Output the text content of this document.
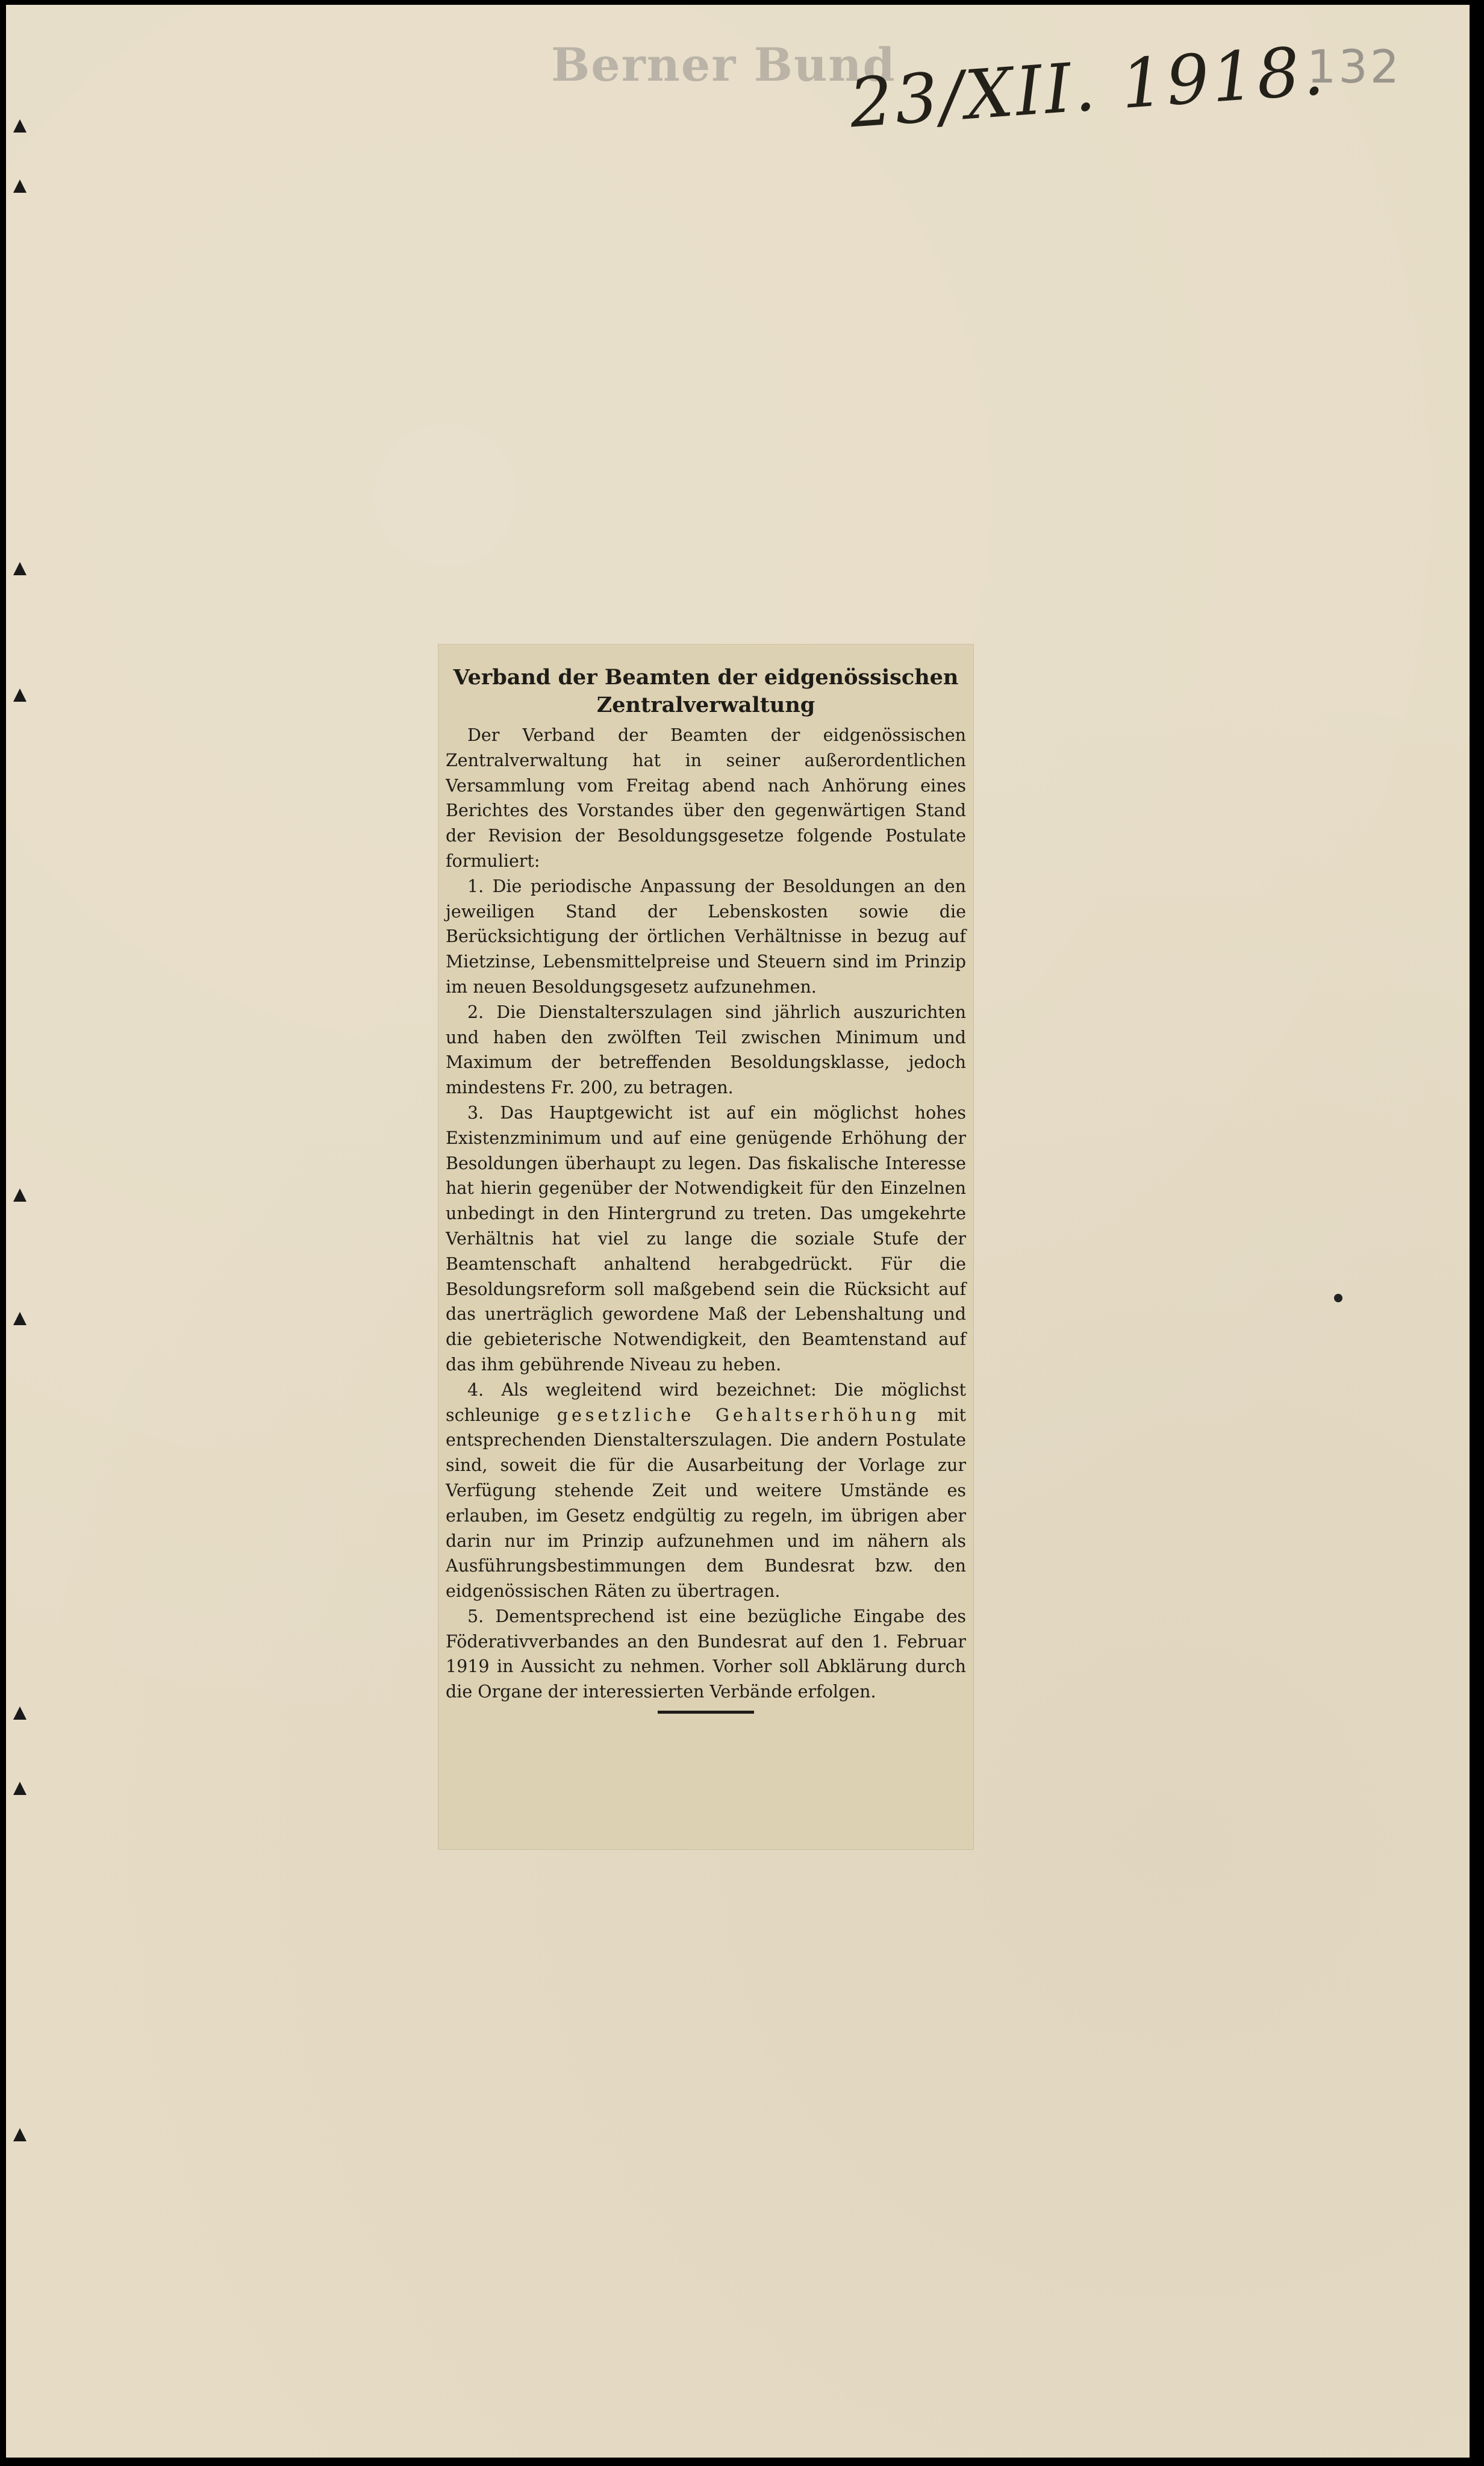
Berner Bund
23/XII. 1918.
132
Verband der Beamten der eidgenössischen
Zentralverwaltung

Der Verband der Beamten der eidgenössischen Zentralverwaltung hat in seiner außerordentlichen Versammlung vom Freitag abend nach Anhörung eines Berichtes des Vorstandes über den gegenwärtigen Stand der Revision der Besoldungsgesetze folgende Postulate formuliert:

1. Die periodische Anpassung der Besoldungen an den jeweiligen Stand der Lebenskosten sowie die Berücksichtigung der örtlichen Verhältnisse in bezug auf Mietzinse, Lebensmittelpreise und Steuern sind im Prinzip im neuen Besoldungsgesetz aufzunehmen.

2. Die Dienstalterszulagen sind jährlich auszurichten und haben den zwölften Teil zwischen Minimum und Maximum der betreffenden Besoldungsklasse, jedoch mindestens Fr. 200, zu betragen.

3. Das Hauptgewicht ist auf ein möglichst hohes Existenzminimum und auf eine genügende Erhöhung der Besoldungen überhaupt zu legen. Das fiskalische Interesse hat hierin gegenüber der Notwendigkeit für den Einzelnen unbedingt in den Hintergrund zu treten. Das umgekehrte Verhältnis hat viel zu lange die soziale Stufe der Beamtenschaft anhaltend herabgedrückt. Für die Besoldungsreform soll maßgebend sein die Rücksicht auf das unerträglich gewordene Maß der Lebenshaltung und die gebieterische Notwendigkeit, den Beamtenstand auf das ihm gebührende Niveau zu heben.

4. Als wegleitend wird bezeichnet: Die möglichst schleunige gesetzliche Gehaltserhöhung mit entsprechenden Dienstalterszulagen. Die andern Postulate sind, soweit die für die Ausarbeitung der Vorlage zur Verfügung stehende Zeit und weitere Umstände es erlauben, im Gesetz endgültig zu regeln, im übrigen aber darin nur im Prinzip aufzunehmen und im nähern als Ausführungsbestimmungen dem Bundesrat bzw. den eidgenössischen Räten zu übertragen.

5. Dementsprechend ist eine bezügliche Eingabe des Föderativverbandes an den Bundesrat auf den 1. Februar 1919 in Aussicht zu nehmen. Vorher soll Abklärung durch die Organe der interessierten Verbände erfolgen.
